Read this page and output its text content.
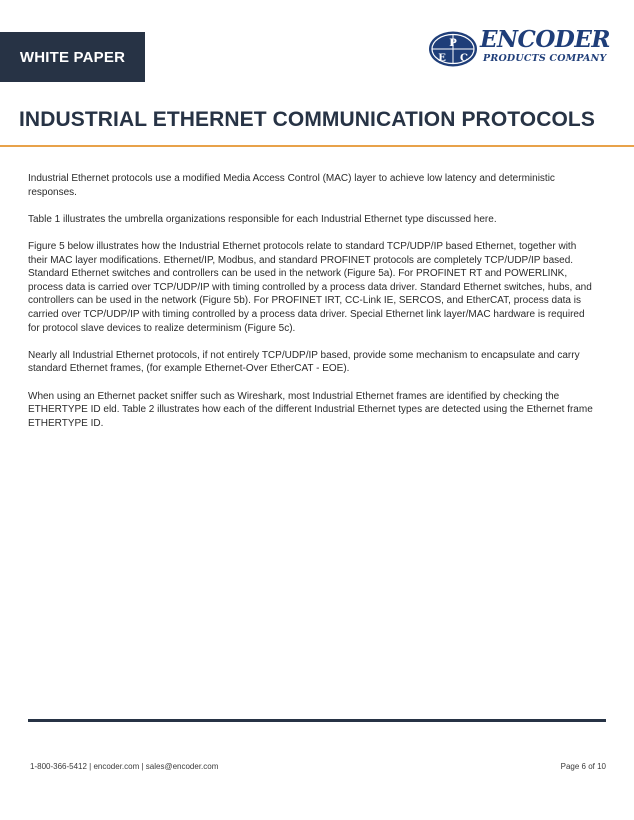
WHITE PAPER	E
P
C
ENCODER
PRODUCTS COMPANY
INDUSTRIAL ETHERNET COMMUNICATION PROTOCOLS

Industrial Ethernet protocols use a modified Media Access Control (MAC) layer to achieve low latency and deterministic responses.

Table 1 illustrates the umbrella organizations responsible for each Industrial Ethernet type discussed here.

Figure 5 below illustrates how the Industrial Ethernet protocols relate to standard TCP/UDP/IP based Ethernet, together with their MAC layer modifications. Ethernet/IP, Modbus, and standard PROFINET protocols are completely TCP/UDP/IP based. Standard Ethernet switches and controllers can be used in the network (Figure 5a). For PROFINET RT and POWERLINK, process data is carried over TCP/UDP/IP with timing controlled by a process data driver. Standard Ethernet switches, hubs, and controllers can be used in the network (Figure 5b). For PROFINET IRT, CC-Link IE, SERCOS, and EtherCAT, process data is carried over TCP/UDP/IP with timing controlled by a process data driver. Special Ethernet link layer/MAC hardware is required for protocol slave devices to realize determinism (Figure 5c).

Nearly all Industrial Ethernet protocols, if not entirely TCP/UDP/IP based, provide some mechanism to encapsulate and carry standard Ethernet frames, (for example Ethernet-Over EtherCAT - EOE).

When using an Ethernet packet sniffer such as Wireshark, most Industrial Ethernet frames are identified by checking the ETHERTYPE ID eld. Table 2 illustrates how each of the different Industrial Ethernet types are detected using the Ethernet frame ETHERTYPE ID.

1-800-366-5412 | encoder.com | sales@encoder.com	Page 6 of 10
